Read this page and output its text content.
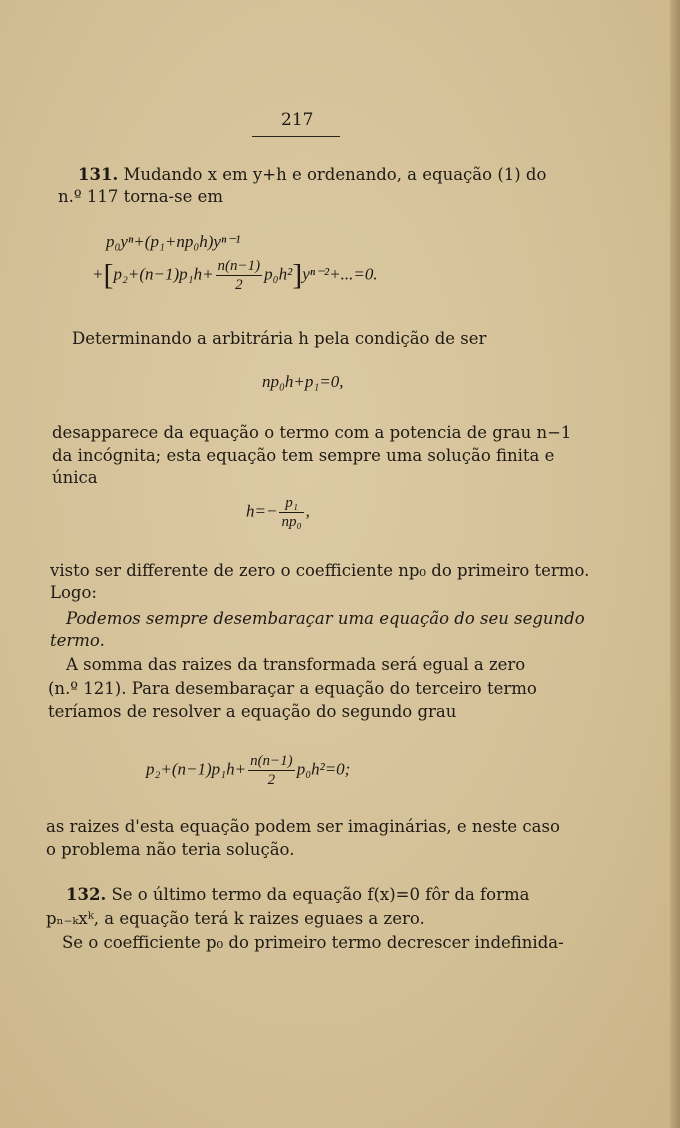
217
131. Mudando x em y+h e ordenando, a equação (1) do
n.º 117 torna-se em
p₀yⁿ+(p₁+np₀h)yⁿ⁻¹
$+[p_2+(n-1)p_1h+ \frac{n(n-1)}{2} p_0h^2]y^{n-2}+...=0$.
Determinando a arbitrária h pela condição de ser
np₀h+p₁=0,
desapparece da equação o termo com a potencia de grau n−1
da incógnita; esta equação tem sempre uma solução finita e
única
$h=- \frac{\text{p₁}}{\text{np₀}}$ ,
visto ser differente de zero o coefficiente np₀ do primeiro termo.
Logo:
Podemos sempre desembaraçar uma equação do seu segundo
termo.
A somma das raizes da transformada será egual a zero
(n.º 121). Para desembaraçar a equação do terceiro termo
teríamos de resolver a equação do segundo grau
$p_2+(n-1)p_1h+ \frac{n(n-1)}{2} p_0h^2=0$;
as raizes d'esta equação podem ser imaginárias, e neste caso
o problema não teria solução.
132. Se o último termo da equação f(x)=0 fôr da forma
pₙ₋ₖxᵏ, a equação terá k raizes eguaes a zero.
Se o coefficiente p₀ do primeiro termo decrescer indefinida-
